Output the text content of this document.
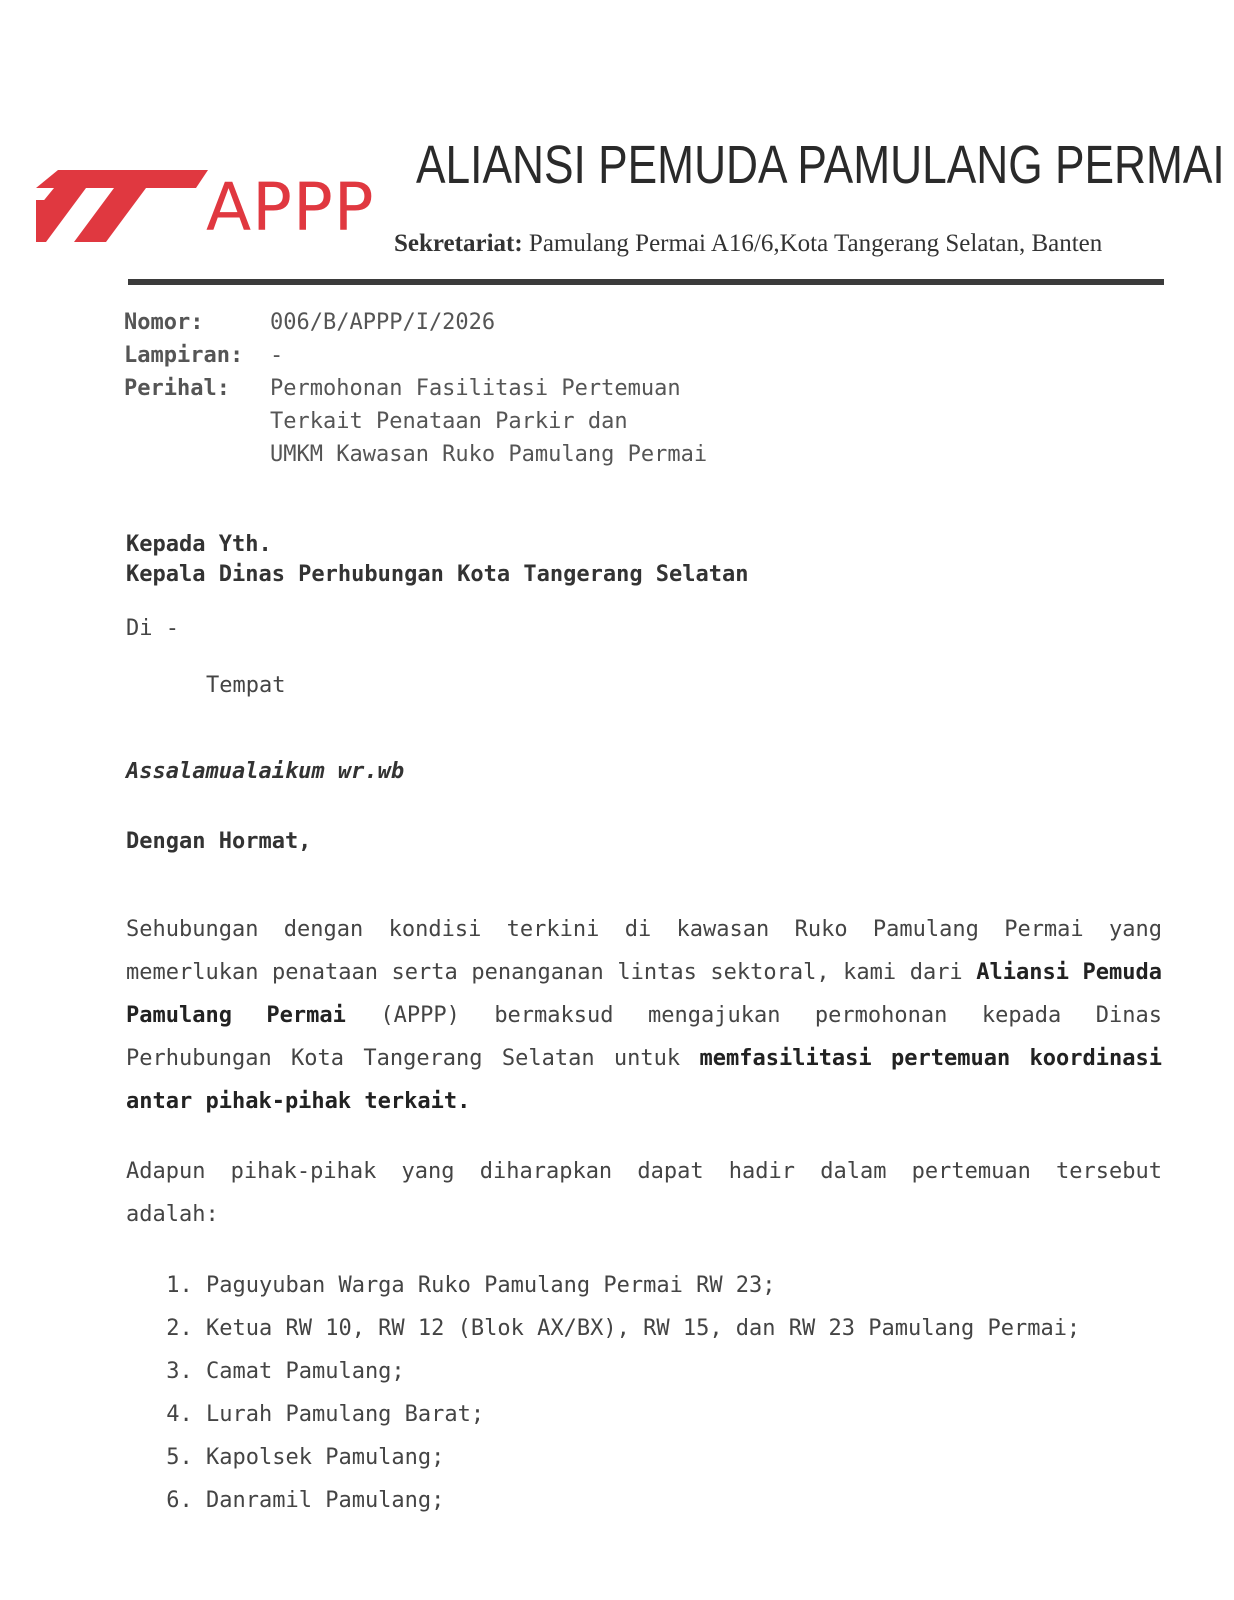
APPP
ALIANSI PEMUDA PAMULANG PERMAI
Sekretariat: Pamulang Permai A16/6,Kota Tangerang Selatan, Banten
Nomor:	006/B/APPP/I/2026
Lampiran:	-
Perihal:	Permohonan Fasilitasi Pertemuan
Terkait Penataan Parkir dan
UMKM Kawasan Ruko Pamulang Permai
Kepada Yth.
Kepala Dinas Perhubungan Kota Tangerang Selatan
Di -
Tempat
Assalamualaikum wr.wb
Dengan Hormat,
Sehubungan dengan kondisi terkini di kawasan Ruko Pamulang Permai yang memerlukan penataan serta penanganan lintas sektoral, kami dari Aliansi Pemuda Pamulang Permai (APPP) bermaksud mengajukan permohonan kepada Dinas Perhubungan Kota Tangerang Selatan untuk memfasilitasi pertemuan koordinasi antar pihak-pihak terkait.
Adapun pihak-pihak yang diharapkan dapat hadir dalam pertemuan tersebut adalah:
1. Paguyuban Warga Ruko Pamulang Permai RW 23;
2. Ketua RW 10, RW 12 (Blok AX/BX), RW 15, dan RW 23 Pamulang Permai;
3. Camat Pamulang;
4. Lurah Pamulang Barat;
5. Kapolsek Pamulang;
6. Danramil Pamulang;
